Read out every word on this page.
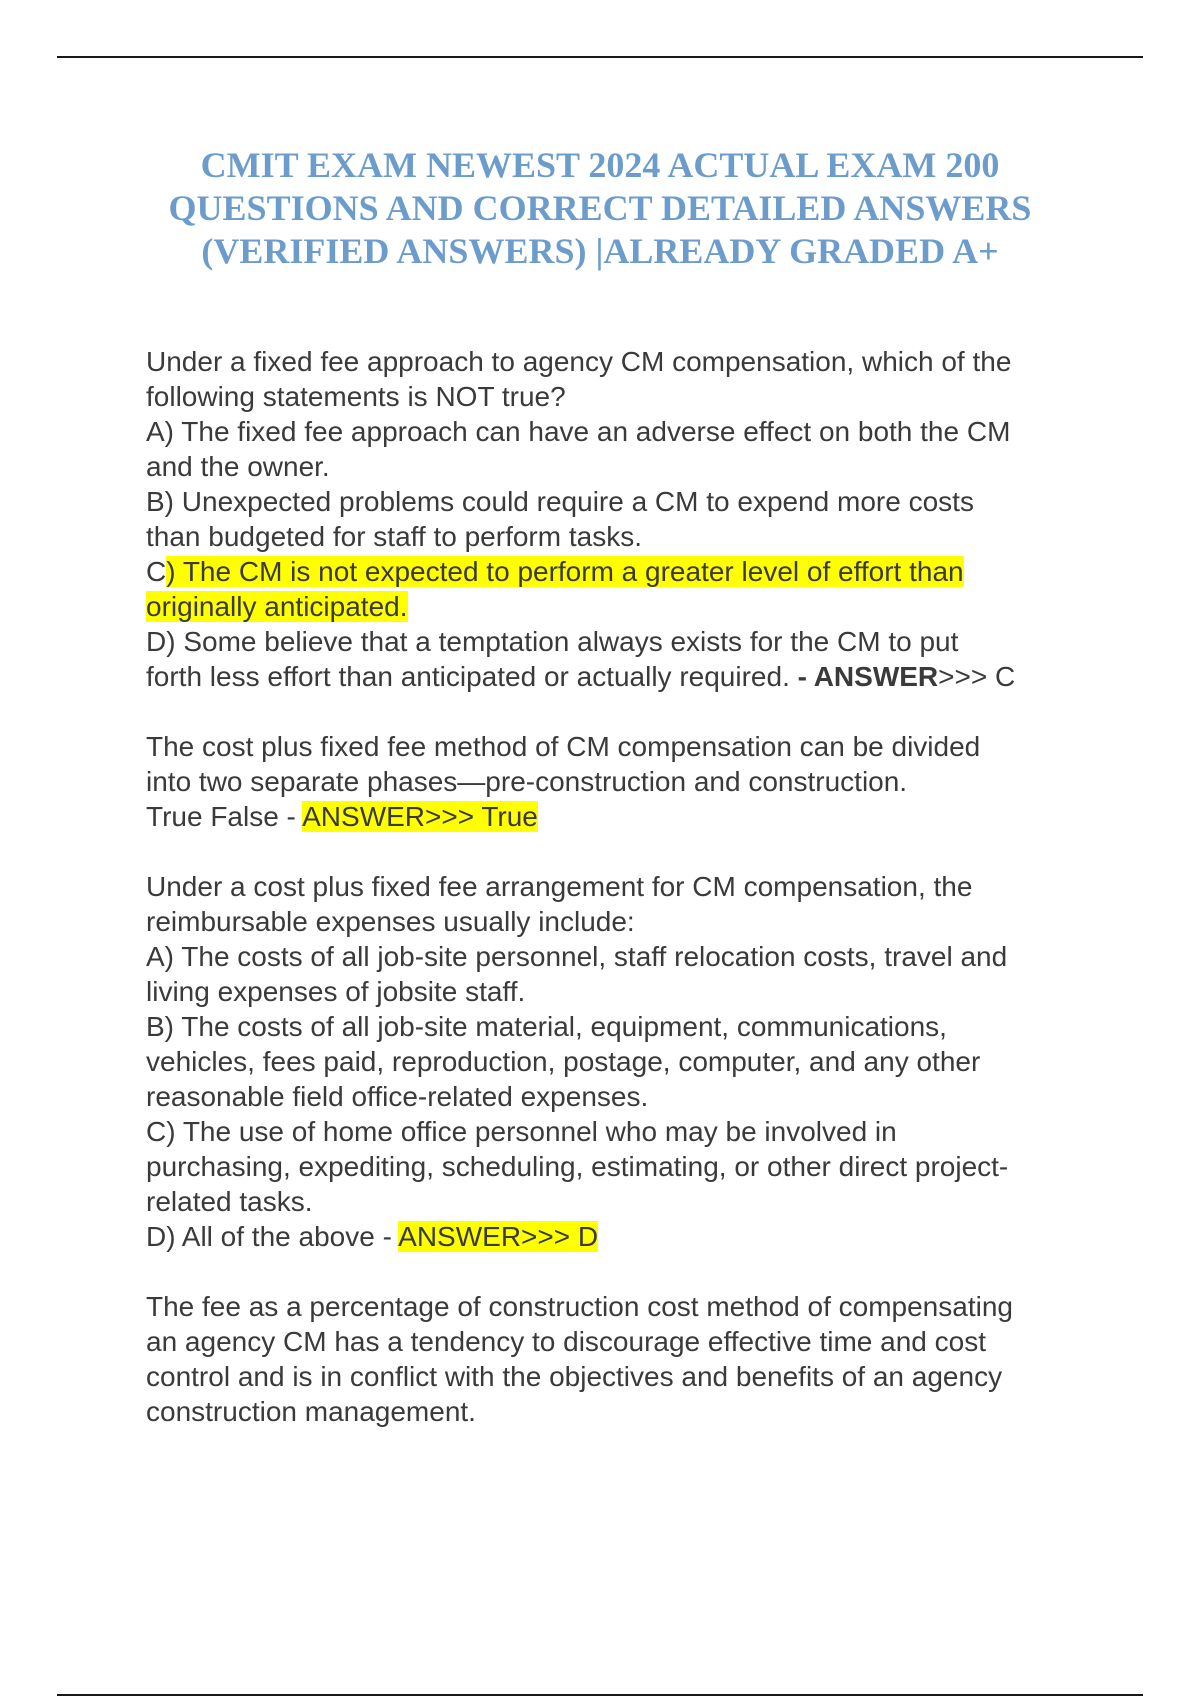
CMIT EXAM NEWEST 2024 ACTUAL EXAM 200
QUESTIONS AND CORRECT DETAILED ANSWERS
(VERIFIED ANSWERS) |ALREADY GRADED A+
Under a fixed fee approach to agency CM compensation, which of the
following statements is NOT true?
A) The fixed fee approach can have an adverse effect on both the CM
and the owner.
B) Unexpected problems could require a CM to expend more costs
than budgeted for staff to perform tasks.
C) The CM is not expected to perform a greater level of effort than
originally anticipated.
D) Some believe that a temptation always exists for the CM to put
forth less effort than anticipated or actually required. - ANSWER>>> C
The cost plus fixed fee method of CM compensation can be divided
into two separate phases—pre-construction and construction.
True False - ANSWER>>> True
Under a cost plus fixed fee arrangement for CM compensation, the
reimbursable expenses usually include:
A) The costs of all job-site personnel, staff relocation costs, travel and
living expenses of jobsite staff.
B) The costs of all job-site material, equipment, communications,
vehicles, fees paid, reproduction, postage, computer, and any other
reasonable field office-related expenses.
C) The use of home office personnel who may be involved in
purchasing, expediting, scheduling, estimating, or other direct project-
related tasks.
D) All of the above - ANSWER>>> D
The fee as a percentage of construction cost method of compensating
an agency CM has a tendency to discourage effective time and cost
control and is in conflict with the objectives and benefits of an agency
construction management.
